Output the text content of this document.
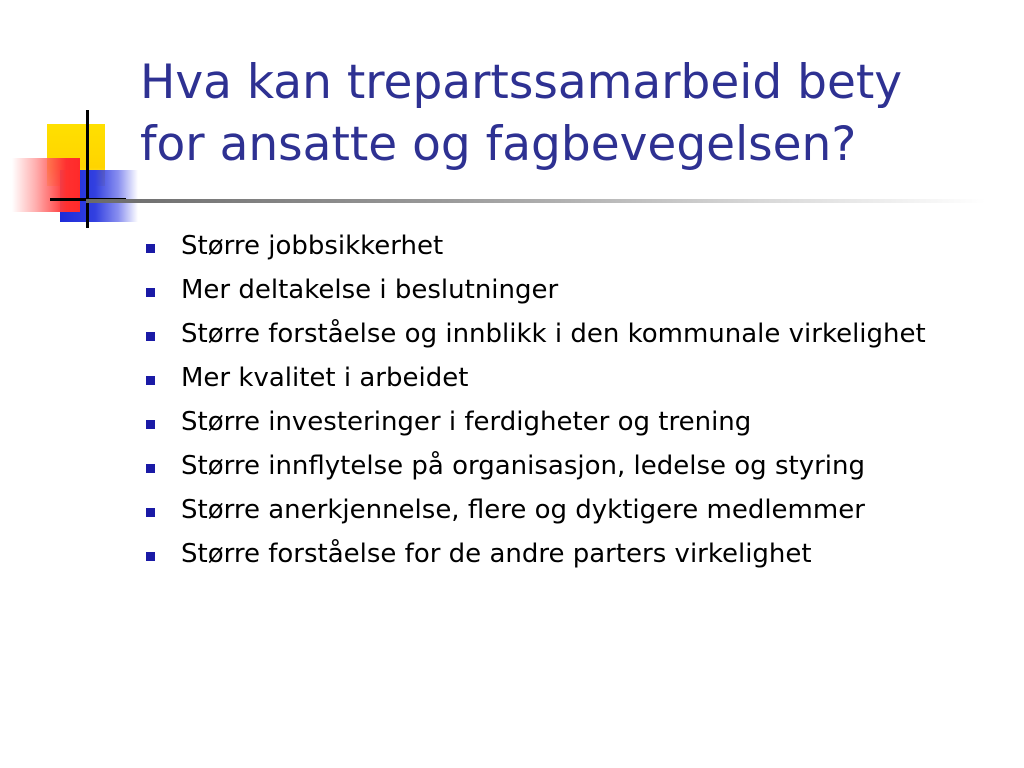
Hva kan trepartssamarbeid bety
for ansatte og fagbevegelsen?
Større jobbsikkerhet
Mer deltakelse i beslutninger
Større forståelse og innblikk i den kommunale virkelighet
Mer kvalitet i arbeidet
Større investeringer i ferdigheter og trening
Større innflytelse på organisasjon, ledelse og styring
Større anerkjennelse, flere og dyktigere medlemmer
Større forståelse for de andre parters virkelighet
